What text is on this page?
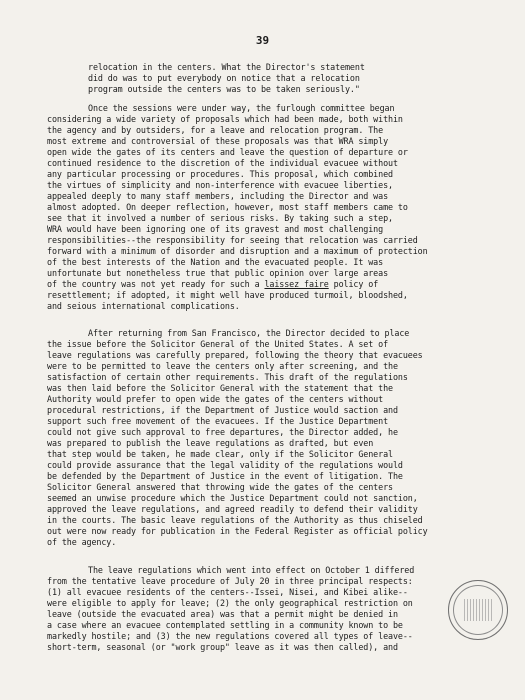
39
relocation in the centers. What the Director's statement
did do was to put everybody on notice that a relocation
program outside the centers was to be taken seriously."
Once the sessions were under way, the furlough committee began
considering a wide variety of proposals which had been made, both within
the agency and by outsiders, for a leave and relocation program. The
most extreme and controversial of these proposals was that WRA simply
open wide the gates of its centers and leave the question of departure or
continued residence to the discretion of the individual evacuee without
any particular processing or procedures. This proposal, which combined
the virtues of simplicity and non-interference with evacuee liberties,
appealed deeply to many staff members, including the Director and was
almost adopted. On deeper reflection, however, most staff members came to
see that it involved a number of serious risks. By taking such a step,
WRA would have been ignoring one of its gravest and most challenging
responsibilities--the responsibility for seeing that relocation was carried
forward with a minimum of disorder and disruption and a maximum of protection
of the best interests of the Nation and the evacuated people. It was
unfortunate but nonetheless true that public opinion over large areas
of the country was not yet ready for such a laissez faire policy of
resettlement; if adopted, it might well have produced turmoil, bloodshed,
and seious international complications.
After returning from San Francisco, the Director decided to place
the issue before the Solicitor General of the United States. A set of
leave regulations was carefully prepared, following the theory that evacuees
were to be permitted to leave the centers only after screening, and the
satisfaction of certain other requirements. This draft of the regulations
was then laid before the Solicitor General with the statement that the
Authority would prefer to open wide the gates of the centers without
procedural restrictions, if the Department of Justice would saction and
support such free movement of the evacuees. If the Justice Department
could not give such approval to free departures, the Director added, he
was prepared to publish the leave regulations as drafted, but even
that step would be taken, he made clear, only if the Solicitor General
could provide assurance that the legal validity of the regulations would
be defended by the Department of Justice in the event of litigation. The
Solicitor General answered that throwing wide the gates of the centers
seemed an unwise procedure which the Justice Department could not sanction,
approved the leave regulations, and agreed readily to defend their validity
in the courts. The basic leave regulations of the Authority as thus chiseled
out were now ready for publication in the Federal Register as official policy
of the agency.
The leave regulations which went into effect on October 1 differed
from the tentative leave procedure of July 20 in three principal respects:
(1) all evacuee residents of the centers--Issei, Nisei, and Kibei alike--
were eligible to apply for leave; (2) the only geographical restriction on
leave (outside the evacuated area) was that a permit might be denied in
a case where an evacuee contemplated settling in a community known to be
markedly hostile; and (3) the new regulations covered all types of leave--
short-term, seasonal (or "work group" leave as it was then called), and
